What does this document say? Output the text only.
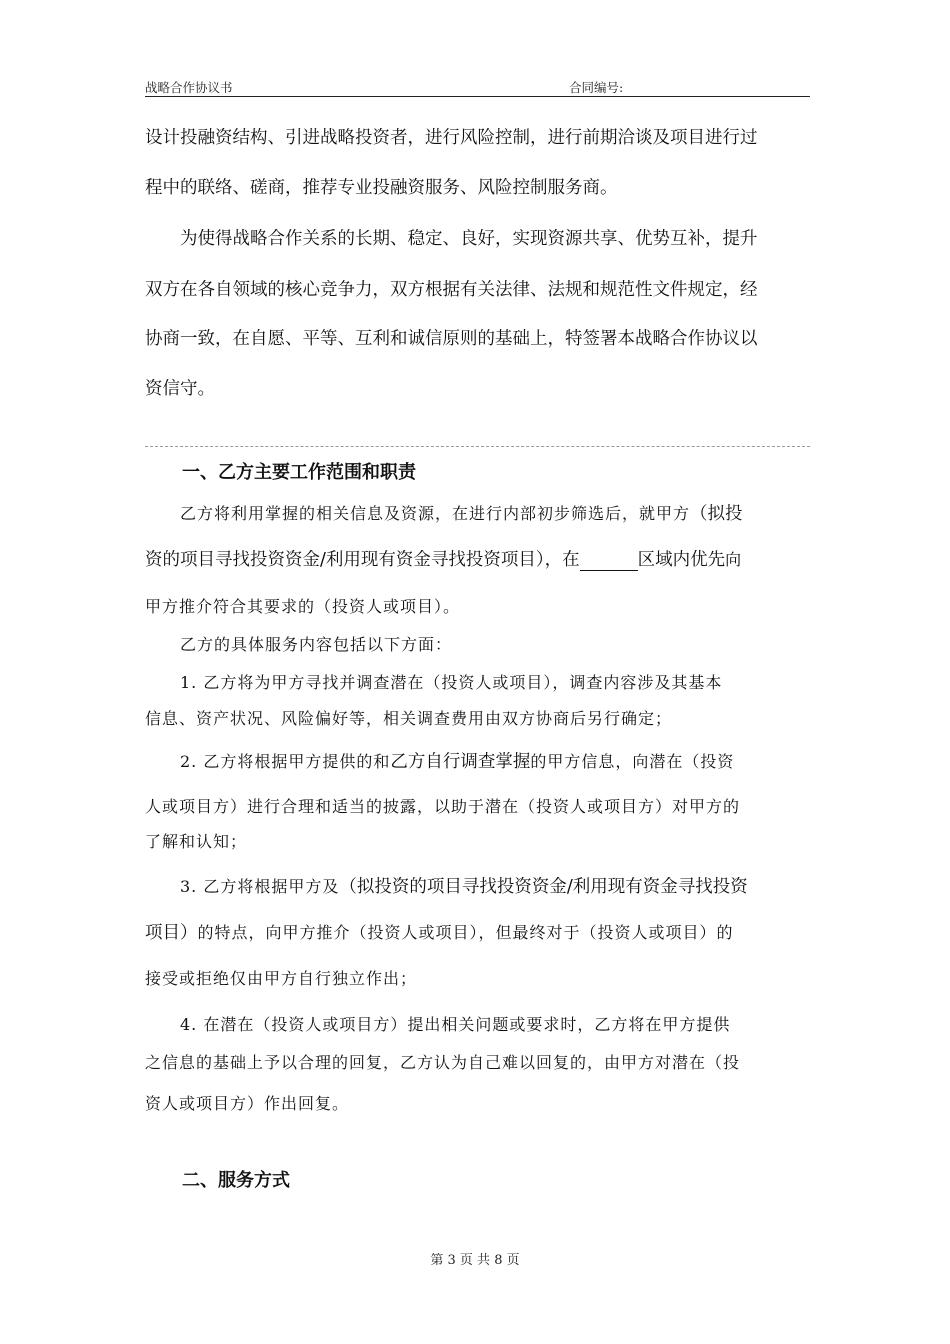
战略合作协议书	合同编号:
设计投融资结构、引进战略投资者，进行风险控制，进行前期洽谈及项目进行过
程中的联络、磋商，推荐专业投融资服务、风险控制服务商。
为使得战略合作关系的长期、稳定、良好，实现资源共享、优势互补，提升
双方在各自领域的核心竞争力，双方根据有关法律、法规和规范性文件规定，经
协商一致，在自愿、平等、互利和诚信原则的基础上，特签署本战略合作协议以
资信守。
一、乙方主要工作范围和职责
乙方将利用掌握的相关信息及资源，在进行内部初步筛选后，就甲方（拟投
资的项目寻找投资资金/利用现有资金寻找投资项目），在	区域内优先向
甲方推介符合其要求的（投资人或项目）。
乙方的具体服务内容包括以下方面：
1. 乙方将为甲方寻找并调查潜在（投资人或项目），调查内容涉及其基本
信息、资产状况、风险偏好等，相关调查费用由双方协商后另行确定；
2. 乙方将根据甲方提供的和乙方自行调查掌握的甲方信息，向潜在（投资
人或项目方）进行合理和适当的披露，以助于潜在（投资人或项目方）对甲方的
了解和认知；
3. 乙方将根据甲方及（拟投资的项目寻找投资资金/利用现有资金寻找投资
项目）的特点，向甲方推介（投资人或项目），但最终对于（投资人或项目）的
接受或拒绝仅由甲方自行独立作出；
4. 在潜在（投资人或项目方）提出相关问题或要求时，乙方将在甲方提供
之信息的基础上予以合理的回复，乙方认为自己难以回复的，由甲方对潜在（投
资人或项目方）作出回复。
二、服务方式
第 3 页 共 8 页
